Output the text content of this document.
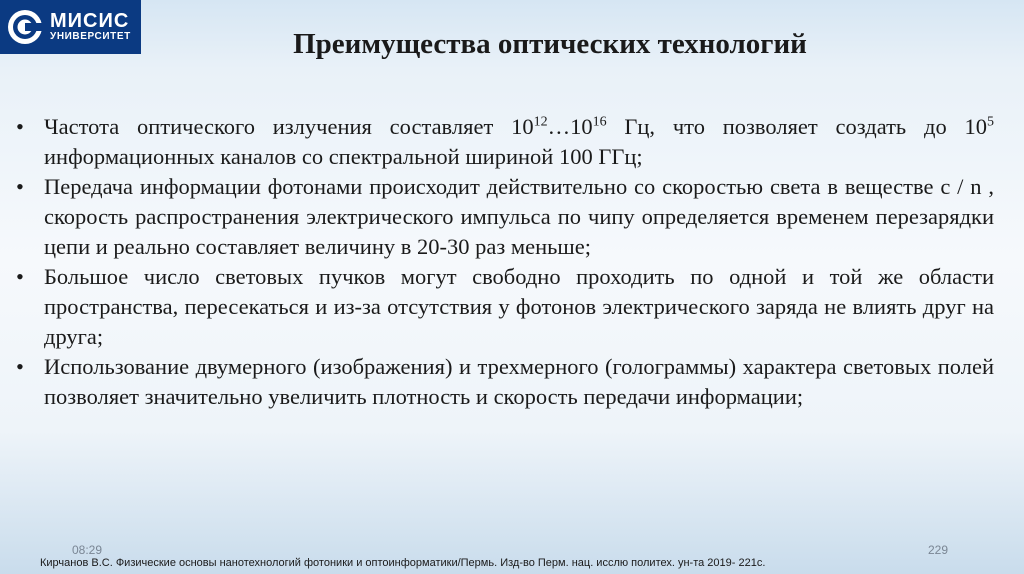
МИСИС
УНИВЕРСИТЕТ	Преимущества оптических технологий
• Частота оптического излучения составляет $10^{12}\dots 10^{16}$ Гц, что позволяет создать до $10^5$ информационных каналов со спектральной шириной 100 ГГц;
• Передача информации фотонами происходит действительно со скоростью света в веществе c / n , скорость распространения электрического импульса по чипу определяется временем перезарядки цепи и реально составляет величину в 20-30 раз меньше;
• Большое число световых пучков могут свободно проходить по одной и той же области пространства, пересекаться и из-за отсутствия у фотонов электрического заряда не влиять друг на друга;
• Использование двумерного (изображения) и трехмерного (голограммы) характера световых полей позволяет значительно увеличить плотность и скорость передачи информации;
08:29	229
Кирчанов В.С. Физические основы нанотехнологий фотоники и оптоинформатики/Пермь. Изд-во Перм. нац. исслю политех. ун-та 2019- 221с.
